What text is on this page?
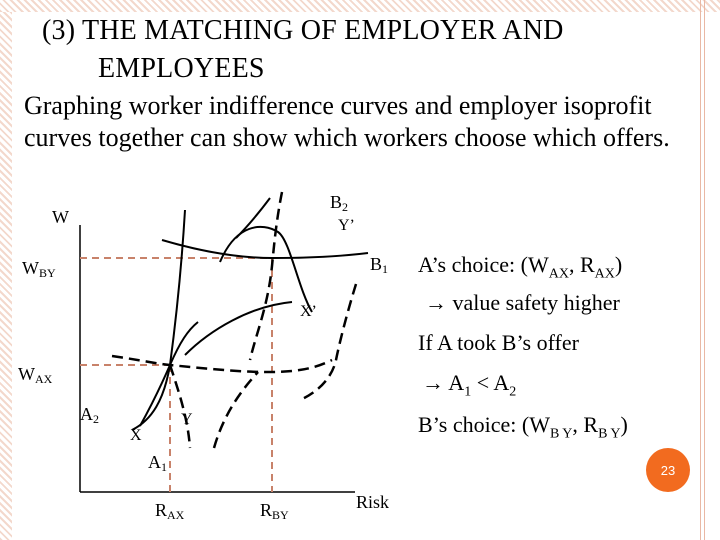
(3) THE MATCHING OF EMPLOYER AND
EMPLOYEES
Graphing worker indifference curves and employer isoprofit curves together can show which workers choose which offers.
W
Risk
WBY
WAX
RAX	RBY
B2
Y’
B1
X’
A2
A1
X
Y
A’s choice: ($W_{AX}$, $R_{AX}$)
→ value safety higher
If A took B’s offer
→ $A_1 < A_2$
B’s choice: ($W_{B Y}$, $R_{B Y}$)
23
